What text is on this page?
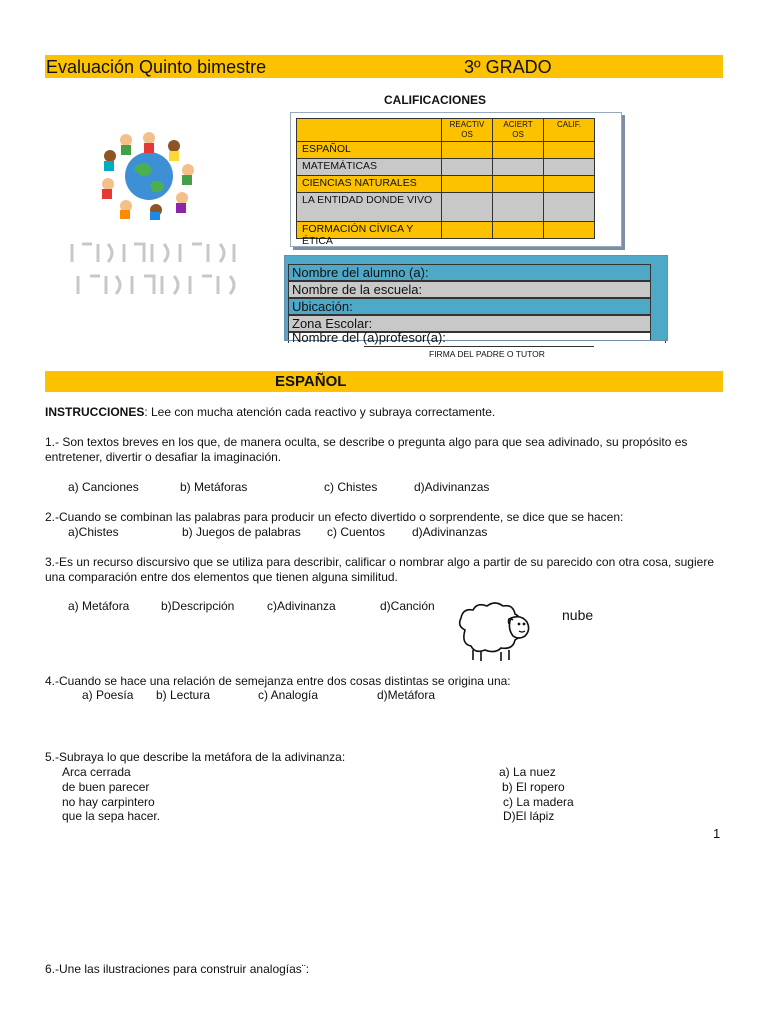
Evaluación Quinto bimestre	3º GRADO
CALIFICACIONES
	REACTIV OS	ACIERT OS	CALIF.
ESPAÑOL			
MATEMÁTICAS			
CIENCIAS NATURALES			
LA ENTIDAD DONDE VIVO			

FORMACIÓN CÍVICA Y ÉTICA			

Nombre del alumno (a):
Nombre de la escuela:
Ubicación:
Zona Escolar:
Nombre del (a)profesor(a):
FIRMA DEL PADRE O TUTOR
ESPAÑOL
INSTRUCCIONES: Lee con mucha atención cada reactivo y subraya correctamente.
1.- Son textos breves en los que, de manera oculta, se describe o pregunta algo para que sea adivinado, su propósito es entretener, divertir o desafiar la imaginación.
a) Canciones	b) Metáforas	c) Chistes	d)Adivinanzas
2.-Cuando se combinan las palabras para producir un efecto divertido o sorprendente, se dice que se hacen:
a)Chistes	b) Juegos de palabras c) Cuentos d)Adivinanzas
3.-Es un recurso discursivo que se utiliza para describir, calificar o nombrar algo a partir de su parecido con otra cosa, sugiere una comparación entre dos elementos que tienen alguna similitud.
a) Metáfora	b)Descripción	c)Adivinanza	d)Canción
nube
4.-Cuando se hace una relación de semejanza entre dos cosas distintas se origina una:
a) Poesía b) Lectura	c) Analogía	d)Metáfora
5.-Subraya lo que describe la metáfora de la adivinanza:
Arca cerrada
de buen parecer
no hay carpintero
que la sepa hacer.
a) La nuez
b) El ropero
c) La madera
D)El lápiz
1
6.-Une las ilustraciones para construir analogías¨:
